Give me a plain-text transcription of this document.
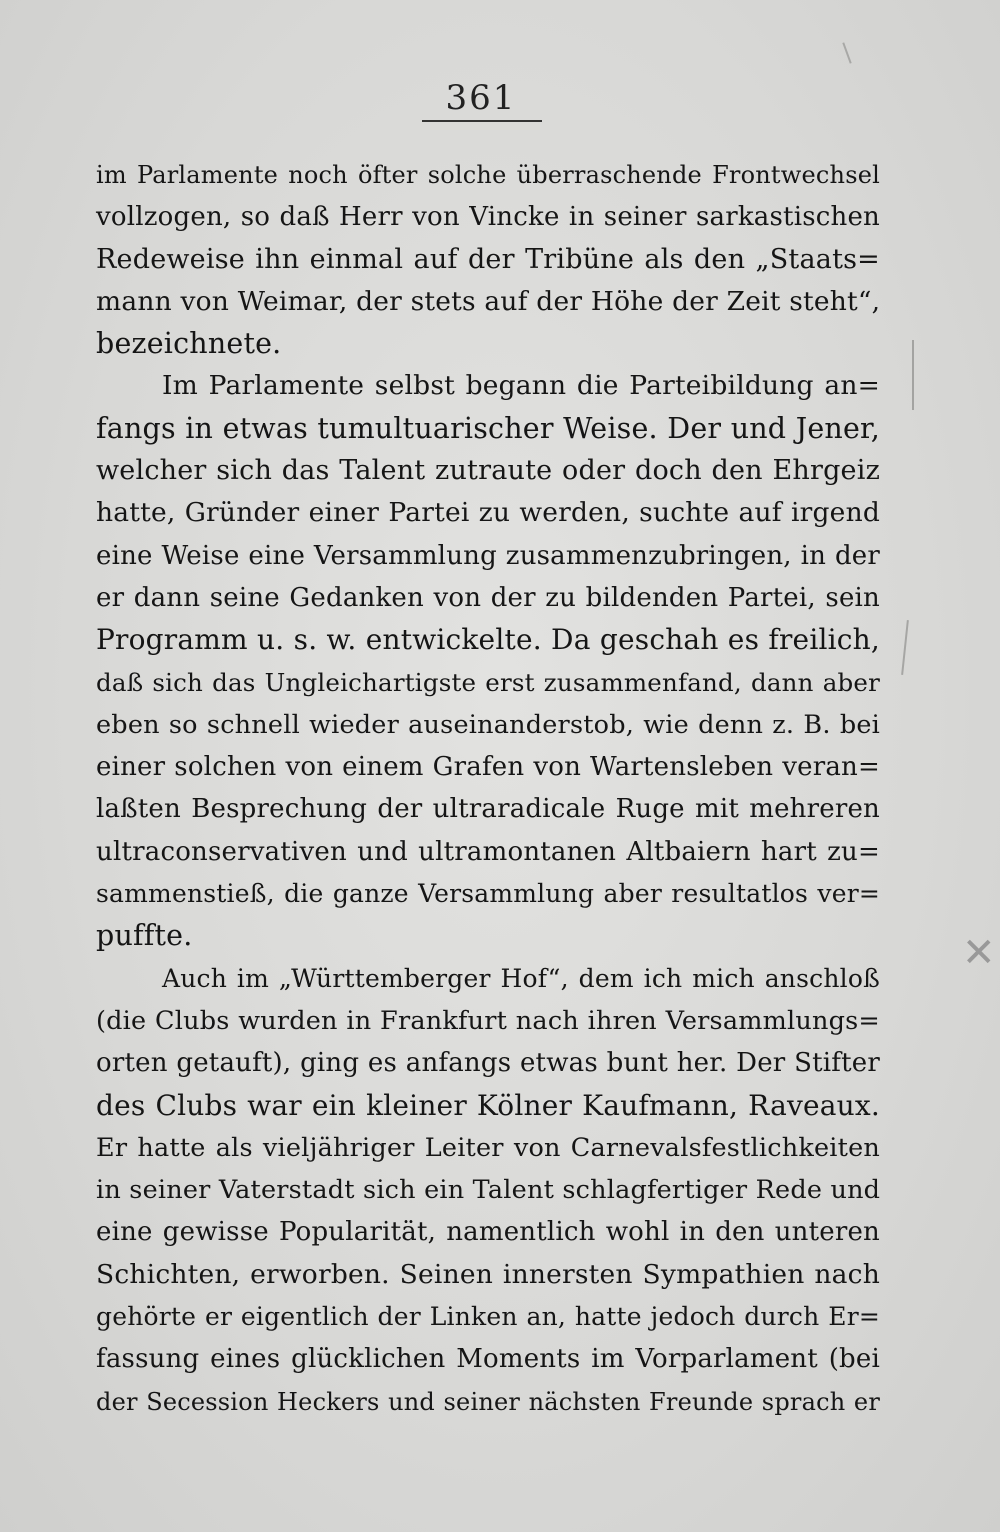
361
im Parlamente noch öfter solche überraschende Frontwechsel
vollzogen, so daß Herr von Vincke in seiner sarkastischen
Redeweise ihn einmal auf der Tribüne als den „Staats=
mann von Weimar, der stets auf der Höhe der Zeit steht“,
bezeichnete.
Im Parlamente selbst begann die Parteibildung an=
fangs in etwas tumultuarischer Weise. Der und Jener,
welcher sich das Talent zutraute oder doch den Ehrgeiz
hatte, Gründer einer Partei zu werden, suchte auf irgend
eine Weise eine Versammlung zusammenzubringen, in der
er dann seine Gedanken von der zu bildenden Partei, sein
Programm u. s. w. entwickelte. Da geschah es freilich,
daß sich das Ungleichartigste erst zusammenfand, dann aber
eben so schnell wieder auseinanderstob, wie denn z. B. bei
einer solchen von einem Grafen von Wartensleben veran=
laßten Besprechung der ultraradicale Ruge mit mehreren
ultraconservativen und ultramontanen Altbaiern hart zu=
sammenstieß, die ganze Versammlung aber resultatlos ver=
puffte.
Auch im „Württemberger Hof“, dem ich mich anschloß
(die Clubs wurden in Frankfurt nach ihren Versammlungs=
orten getauft), ging es anfangs etwas bunt her. Der Stifter
des Clubs war ein kleiner Kölner Kaufmann, Raveaux.
Er hatte als vieljähriger Leiter von Carnevalsfestlichkeiten
in seiner Vaterstadt sich ein Talent schlagfertiger Rede und
eine gewisse Popularität, namentlich wohl in den unteren
Schichten, erworben. Seinen innersten Sympathien nach
gehörte er eigentlich der Linken an, hatte jedoch durch Er=
fassung eines glücklichen Moments im Vorparlament (bei
der Secession Heckers und seiner nächsten Freunde sprach er
✕
